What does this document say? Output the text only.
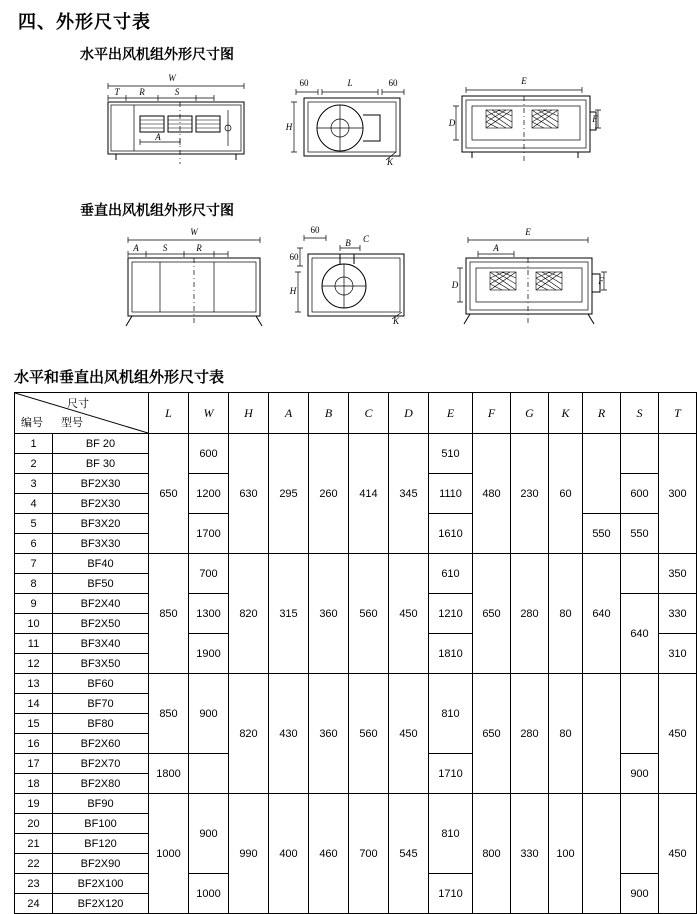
四、外形尺寸表
水平出风机组外形尺寸图
W
T R	S
A
60	L	60
H
K
E
D	F
垂直出风机组外形尺寸图
W
S	R
A
60
60
B C
H
K
E
A
D	F
水平和垂直出风机组外形尺寸表
尺寸
编号 型号		L	W	H	A	B	C	D	E	F	G	K	R	S	T
1	BF 20	650	600	630	295	260	414	345	510	480	230	60			300
2	BF 30														
3	BF2X30		1200						1110					600	
4	BF2X30														
5	BF3X20		1700						1610				550	550	
6	BF3X30														
7	BF40	850	700	820	315	360	560	450	610	650	280	80	640		350
8	BF50														
9	BF2X40		1300						1210					640	330
10	BF2X50														
11	BF3X40		1900						1810						310
12	BF3X50														
13	BF60	850	900	820	430	360	560	450	810	650	280	80			450
14	BF70														
15	BF80														
16	BF2X60														
17	BF2X70	1800							1710					900	
18	BF2X80														
19	BF90	1000	900	990	400	460	700	545	810	800	330	100			450
20	BF100														
21	BF120														
22	BF2X90														
23	BF2X100		1000						1710					900	
24	BF2X120														
